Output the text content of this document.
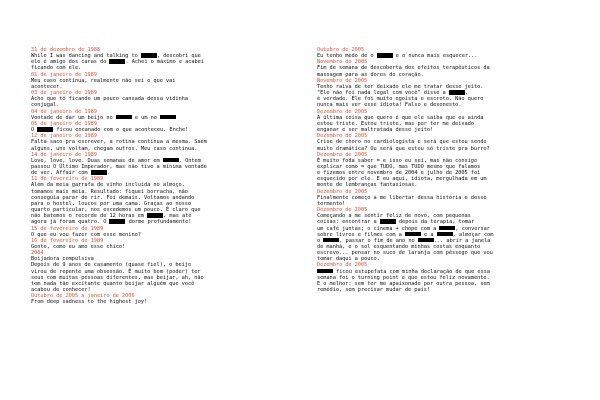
31 de dezembro de 1988
While I was dancing and talking to	, descobri que
ele é amigo dos caras do	. Achei o máximo e acabei
ficando com ele.
01 de janeiro de 1989
Meu caso continua, realmente não sei o que vai
acontecer.
03 de janeiro de 1989
Acho que tô ficando um pouco cansada dessa vidinha
conjugal.
04 de janeiro de 1989
Vontade de dar um beijo no	e um no
05 de janeiro de 1989
O	ficou encanado com o que aconteceu. Enche!
12 de janeiro de 1989
Falta saco pra escrever, a rotina continua a mesma. Saem
alguns, uns voltam, chegam outros. Meu caso continua.
14 de janeiro de 1989
Love, love, love. Duas semanas de amor em	. Ontem
passou O Último Imperador, mas não tive a mínima vontade
de ver. Affair com	.
11 de fevereiro de 1989
Além da meia garrafa de vinho incluída no almoço,
tomamos mais meia. Resultado: fiquei borracha, não
conseguia parar de rir. Foi demais. Voltamos andando
para o hostel, loucos por uma cama. Graças ao nosso
quarto particular, nos excedemos um pouco. É claro que
não batemos o recorde de 12 horas em	, mas até
agora já foram quatro. O	dorme profundamente!
15 de fevereiro de 1989
O que eu vou fazer com esse menino?
16 de fevereiro de 1989
Gente, como eu amo esse chico!
2004
Beijadora compulsiva
Depois de 9 anos de casamento (quase fiel), o beijo
virou de repente uma obsessão. É muito bom (poder) ter
seus com muitas pessoas diferentes, mas beijar, ah, não
tem nada tão excitante quanto beijar alguém que você
acabou de conhecer!
Outubro de 2005 a janeiro de 2006
From deep sadness to the highest joy!
Outubro de 2005
Eu tenho medo de o	e o nunca mais esquecer...
Novembro de 2005
Fim de semana de descoberta dos efeitos terapêuticos da
massagem para as dores do coração.
Novembro de 2005
Tenho raiva de ter deixado ele me tratar desse jeito.
"Ele não foi nada legal com você" disse a	,
é verdade. Ele foi muito egoísta e escroto. Não quero
nunca mais ver esse idiota! Falso e desonesto.
Dezembro de 2005
A última coisa que quero é que ele saiba que eu ainda
estou triste. Estou triste, mas por ter me deixado
enganar e ser maltratada desse jeito!
Dezembro de 2005
Crise de choro no cardiologista e será que estou sendo
muito dramática? Ou será que estou só triste pra burro?
Dezembro de 2005
É muito foda saber = e isso eu sei, mas não consigo
explicar como = que TUDO, mas TUDO mesmo que falamos
e fizemos entre novembro de 2004 e julho de 2005 foi
esquecido por ele. E eu aqui, idiota, mergulhada em um
monte de lembranças fantasiosas.
Dezembro de 2005
Finalmente começo a me libertar dessa história e desse
tormento!
Dezembro de 2005
Começando a me sentir feliz de novo, com pequenas
coisas: encontrar a	depois da terapia, tomar
um café juntas; o cinema + chope com a	, conversar
sobre livros e filmes com a	e a	, almoçar com
o	, passar o fim de ano no	... abrir a janela
de manhã, e o sol esquentando minhas costas enquanto
escrevo... pensar no suco de laranja com pêssego que vou
tomar daqui a pouco.
Dezembro de 2005
ficou estupefata com minha declaração de que essa
semana foi o turning point e que estou feliz novamente.
E o melhor: sem ter me apaixonado por outra pessoa, sem
remédio, sem precisar mudar de país!
